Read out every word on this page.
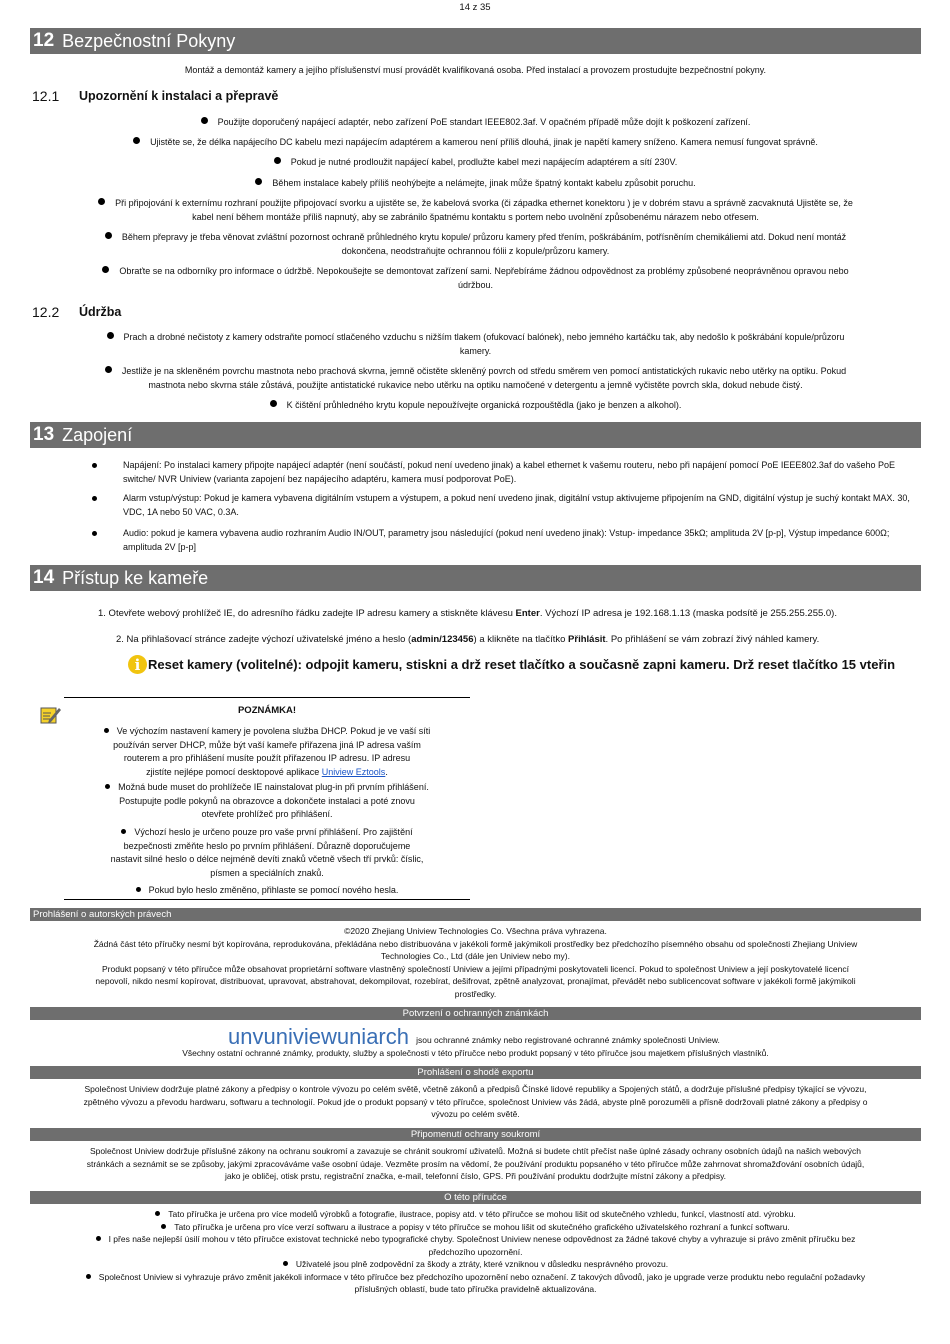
14 z 35
12 Bezpečnostní Pokyny
Montáž a demontáž kamery a jejího příslušenství musí provádět kvalifikovaná osoba. Před instalací a provozem prostudujte bezpečnostní pokyny.
12.1	Upozornění k instalaci a přepravě
Použijte doporučený napájecí adaptér, nebo zařízení PoE standart IEEE802.3af. V opačném případě může dojít k poškození zařízení.
Ujistěte se, že délka napájecího DC kabelu mezi napájecím adaptérem a kamerou není příliš dlouhá, jinak je napětí kamery sníženo. Kamera nemusí fungovat správně.
Pokud je nutné prodloužit napájecí kabel, prodlužte kabel mezi napájecím adaptérem a sítí 230V.
Během instalace kabely příliš neohýbejte a nelámejte, jinak může špatný kontakt kabelu způsobit poruchu.
Při připojování k externímu rozhraní použijte připojovací svorku a ujistěte se, že kabelová svorka (či západka ethernet konektoru ) je v dobrém stavu a správně zacvaknutá Ujistěte se, že
kabel není během montáže příliš napnutý, aby se zabránilo špatnému kontaktu s portem nebo uvolnění způsobenému nárazem nebo otřesem.
Během přepravy je třeba věnovat zvláštní pozornost ochraně průhledného krytu kopule/ průzoru kamery před třením, poškrábáním, potřísněním chemikáliemi atd. Dokud není montáž
dokončena, neodstraňujte ochrannou fólii z kopule/průzoru kamery.
Obraťte se na odborníky pro informace o údržbě. Nepokoušejte se demontovat zařízení sami. Nepřebíráme žádnou odpovědnost za problémy způsobené neoprávněnou opravou nebo
údržbou.
12.2	Údržba
Prach a drobné nečistoty z kamery odstraňte pomocí stlačeného vzduchu s nižším tlakem (ofukovací balónek), nebo jemného kartáčku tak, aby nedošlo k poškrábání kopule/průzoru
kamery.
Jestliže je na skleněném povrchu mastnota nebo prachová skvrna, jemně očistěte skleněný povrch od středu směrem ven pomocí antistatických rukavic nebo utěrky na optiku. Pokud
mastnota nebo skvrna stále zůstává, použijte antistatické rukavice nebo utěrku na optiku namočené v detergentu a jemně vyčistěte povrch skla, dokud nebude čistý.
K čištění průhledného krytu kopule nepoužívejte organická rozpouštědla (jako je benzen a alkohol).
13 Zapojení
Napájení: Po instalaci kamery připojte napájecí adaptér (není součástí, pokud není uvedeno jinak) a kabel ethernet k vašemu routeru, nebo při napájení pomocí PoE IEEE802.3af do vašeho PoE switche/ NVR Uniview (varianta zapojení bez napájecího adaptéru, kamera musí podporovat PoE).
Alarm vstup/výstup: Pokud je kamera vybavena digitálním vstupem a výstupem, a pokud není uvedeno jinak, digitální vstup aktivujeme připojením na GND, digitální výstup je suchý kontakt MAX. 30, VDC, 1A nebo 50 VAC, 0.3A.
Audio: pokud je kamera vybavena audio rozhraním Audio IN/OUT, parametry jsou následující (pokud není uvedeno jinak): Vstup- impedance 35kΩ; amplituda 2V [p-p], Výstup impedance 600Ω; amplituda 2V [p-p]
14 Přístup ke kameře
1. Otevřete webový prohlížeč IE, do adresního řádku zadejte IP adresu kamery a stiskněte klávesu Enter. Výchozí IP adresa je 192.168.1.13 (maska podsítě je 255.255.255.0).
2. Na přihlašovací stránce zadejte výchozí uživatelské jméno a heslo (admin/123456) a klikněte na tlačítko Přihlásit. Po přihlášení se vám zobrazí živý náhled kamery.
i Reset kamery (volitelné): odpojit kameru, stiskni a drž reset tlačítko a současně zapni kameru. Drž reset tlačítko 15 vteřin
POZNÁMKA!
Ve výchozím nastavení kamery je povolena služba DHCP. Pokud je ve vaší síti
používán server DHCP, může být vaší kameře přiřazena jiná IP adresa vaším
routerem a pro přihlášení musíte použít přiřazenou IP adresu. IP adresu
zjistíte nejlépe pomocí desktopové aplikace Uniview Eztools.
Možná bude muset do prohlížeče IE nainstalovat plug-in při prvním přihlášení.
Postupujte podle pokynů na obrazovce a dokončete instalaci a poté znovu
otevřete prohlížeč pro přihlášení.
Výchozí heslo je určeno pouze pro vaše první přihlášení. Pro zajištění
bezpečnosti změňte heslo po prvním přihlášení. Důrazně doporučujeme
nastavit silné heslo o délce nejméně devíti znaků včetně všech tří prvků: číslic,
písmen a speciálních znaků.
Pokud bylo heslo změněno, přihlaste se pomocí nového hesla.
Prohlášení o autorských právech
©2020 Zhejiang Uniview Technologies Co. Všechna práva vyhrazena.
Žádná část této příručky nesmí být kopírována, reprodukována, překládána nebo distribuována v jakékoli formě jakýmikoli prostředky bez předchozího písemného obsahu od společnosti Zhejiang Uniview
Technologies Co., Ltd (dále jen Uniview nebo my).
Produkt popsaný v této příručce může obsahovat proprietární software vlastněný společností Uniview a jejími případnými poskytovateli licencí. Pokud to společnost Uniview a její poskytovatelé licencí
nepovolí, nikdo nesmí kopírovat, distribuovat, upravovat, abstrahovat, dekompilovat, rozebírat, dešifrovat, zpětně analyzovat, pronajímat, převádět nebo sublicencovat software v jakékoli formě jakýmikoli
prostředky.
Potvrzení o ochranných známkách
unvuniviewuniarch jsou ochranné známky nebo registrované ochranné známky společnosti Uniview.
Všechny ostatní ochranné známky, produkty, služby a společnosti v této příručce nebo produkt popsaný v této příručce jsou majetkem příslušných vlastníků.
Prohlášení o shodě exportu
Společnost Uniview dodržuje platné zákony a předpisy o kontrole vývozu po celém světě, včetně zákonů a předpisů Čínské lidové republiky a Spojených států, a dodržuje příslušné předpisy týkající se vývozu,
zpětného vývozu a převodu hardwaru, softwaru a technologií. Pokud jde o produkt popsaný v této příručce, společnost Uniview vás žádá, abyste plně porozuměli a přísně dodržovali platné zákony a předpisy o
vývozu po celém světě.
Připomenutí ochrany soukromí
Společnost Uniview dodržuje příslušné zákony na ochranu soukromí a zavazuje se chránit soukromí uživatelů. Možná si budete chtít přečíst naše úplné zásady ochrany osobních údajů na našich webových
stránkách a seznámit se se způsoby, jakými zpracováváme vaše osobní údaje. Vezměte prosím na vědomí, že používání produktu popsaného v této příručce může zahrnovat shromažďování osobních údajů,
jako je obličej, otisk prstu, registrační značka, e-mail, telefonní číslo, GPS. Při používání produktu dodržujte místní zákony a předpisy.
O této příručce
Tato příručka je určena pro více modelů výrobků a fotografie, ilustrace, popisy atd. v této příručce se mohou lišit od skutečného vzhledu, funkcí, vlastností atd. výrobku.
Tato příručka je určena pro více verzí softwaru a ilustrace a popisy v této příručce se mohou lišit od skutečného grafického uživatelského rozhraní a funkcí softwaru.
I přes naše nejlepší úsilí mohou v této příručce existovat technické nebo typografické chyby. Společnost Uniview nenese odpovědnost za žádné takové chyby a vyhrazuje si právo změnit příručku bez
předchozího upozornění.
Uživatelé jsou plně zodpovědní za škody a ztráty, které vzniknou v důsledku nesprávného provozu.
Společnost Uniview si vyhrazuje právo změnit jakékoli informace v této příručce bez předchozího upozornění nebo označení. Z takových důvodů, jako je upgrade verze produktu nebo regulační požadavky
příslušných oblastí, bude tato příručka pravidelně aktualizována.
